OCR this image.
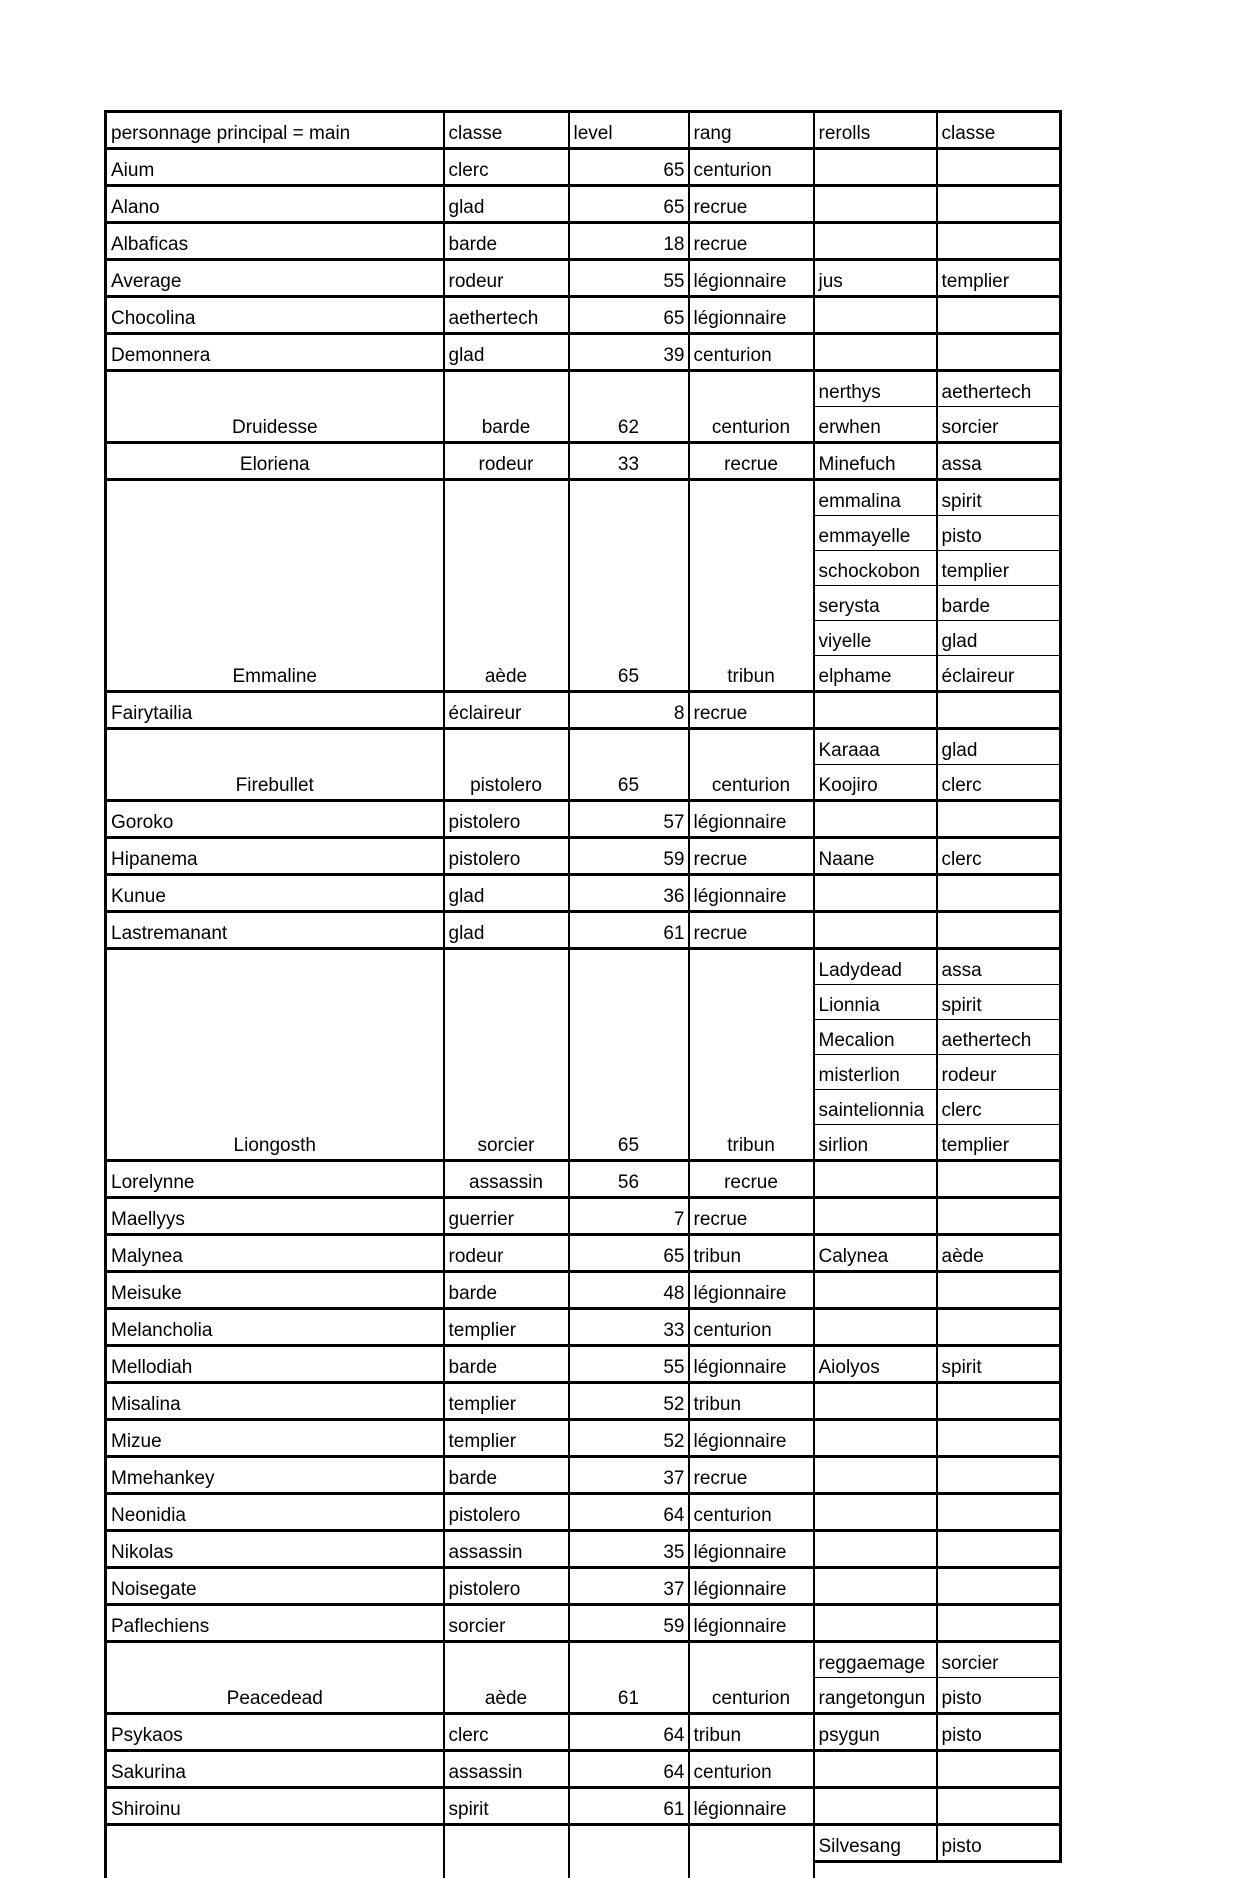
personnage principal = main	classe	level	rang	rerolls	classe
Aium	clerc	65	centurion		
Alano	glad	65	recrue		
Albaficas	barde	18	recrue		
Average	rodeur	55	légionnaire	jus	templier
Chocolina	aethertech	65	légionnaire		
Demonnera	glad	39	centurion		
Druidesse	barde	62	centurion	nerthys	aethertech
				erwhen	sorcier
Eloriena	rodeur	33	recrue	Minefuch	assa
Emmaline	aède	65	tribun	emmalina	spirit
				emmayelle	pisto
				schockobon	templier
				serysta	barde
				viyelle	glad
				elphame	éclaireur
Fairytailia	éclaireur	8	recrue		
Firebullet	pistolero	65	centurion	Karaaa	glad
				Koojiro	clerc
Goroko	pistolero	57	légionnaire		
Hipanema	pistolero	59	recrue	Naane	clerc
Kunue	glad	36	légionnaire		
Lastremanant	glad	61	recrue		
Liongosth	sorcier	65	tribun	Ladydead	assa
				Lionnia	spirit
				Mecalion	aethertech
				misterlion	rodeur
				saintelionnia	clerc
				sirlion	templier
Lorelynne	assassin	56	recrue		
Maellyys	guerrier	7	recrue		
Malynea	rodeur	65	tribun	Calynea	aède
Meisuke	barde	48	légionnaire		
Melancholia	templier	33	centurion		
Mellodiah	barde	55	légionnaire	Aiolyos	spirit
Misalina	templier	52	tribun		
Mizue	templier	52	légionnaire		
Mmehankey	barde	37	recrue		
Neonidia	pistolero	64	centurion		
Nikolas	assassin	35	légionnaire		
Noisegate	pistolero	37	légionnaire		
Paflechiens	sorcier	59	légionnaire		
Peacedead	aède	61	centurion	reggaemage	sorcier
				rangetongun	pisto
Psykaos	clerc	64	tribun	psygun	pisto
Sakurina	assassin	64	centurion		
Shiroinu	spirit	61	légionnaire		
				Silvesang	pisto
